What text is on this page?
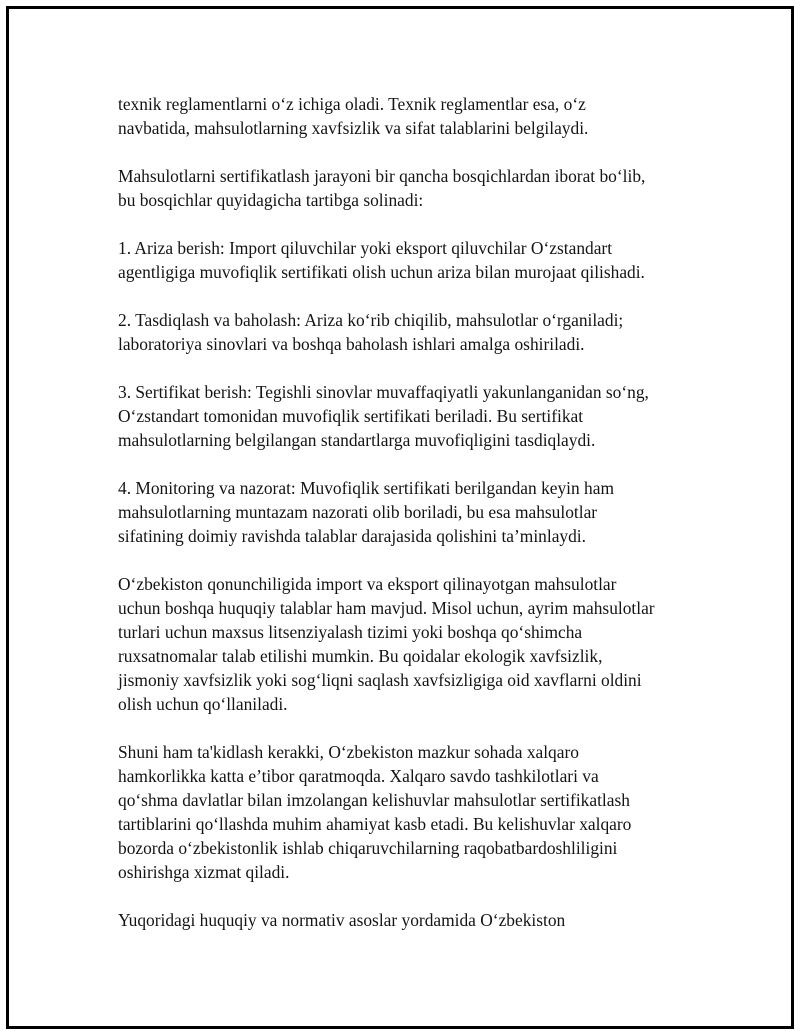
texnik reglamentlarni o‘z ichiga oladi. Texnik reglamentlar esa, o‘z
navbatida, mahsulotlarning xavfsizlik va sifat talablarini belgilaydi.

Mahsulotlarni sertifikatlash jarayoni bir qancha bosqichlardan iborat bo‘lib,
bu bosqichlar quyidagicha tartibga solinadi:

1. Ariza berish: Import qiluvchilar yoki eksport qiluvchilar O‘zstandart
agentligiga muvofiqlik sertifikati olish uchun ariza bilan murojaat qilishadi.

2. Tasdiqlash va baholash: Ariza ko‘rib chiqilib, mahsulotlar o‘rganiladi;
laboratoriya sinovlari va boshqa baholash ishlari amalga oshiriladi.

3. Sertifikat berish: Tegishli sinovlar muvaffaqiyatli yakunlanganidan so‘ng,
O‘zstandart tomonidan muvofiqlik sertifikati beriladi. Bu sertifikat
mahsulotlarning belgilangan standartlarga muvofiqligini tasdiqlaydi.

4. Monitoring va nazorat: Muvofiqlik sertifikati berilgandan keyin ham
mahsulotlarning muntazam nazorati olib boriladi, bu esa mahsulotlar
sifatining doimiy ravishda talablar darajasida qolishini ta’minlaydi.

O‘zbekiston qonunchiligida import va eksport qilinayotgan mahsulotlar
uchun boshqa huquqiy talablar ham mavjud. Misol uchun, ayrim mahsulotlar
turlari uchun maxsus litsenziyalash tizimi yoki boshqa qo‘shimcha
ruxsatnomalar talab etilishi mumkin. Bu qoidalar ekologik xavfsizlik,
jismoniy xavfsizlik yoki sog‘liqni saqlash xavfsizligiga oid xavflarni oldini
olish uchun qo‘llaniladi.

Shuni ham ta'kidlash kerakki, O‘zbekiston mazkur sohada xalqaro
hamkorlikka katta e’tibor qaratmoqda. Xalqaro savdo tashkilotlari va
qo‘shma davlatlar bilan imzolangan kelishuvlar mahsulotlar sertifikatlash
tartiblarini qo‘llashda muhim ahamiyat kasb etadi. Bu kelishuvlar xalqaro
bozorda o‘zbekistonlik ishlab chiqaruvchilarning raqobatbardoshliligini
oshirishga xizmat qiladi.

Yuqoridagi huquqiy va normativ asoslar yordamida O‘zbekiston
